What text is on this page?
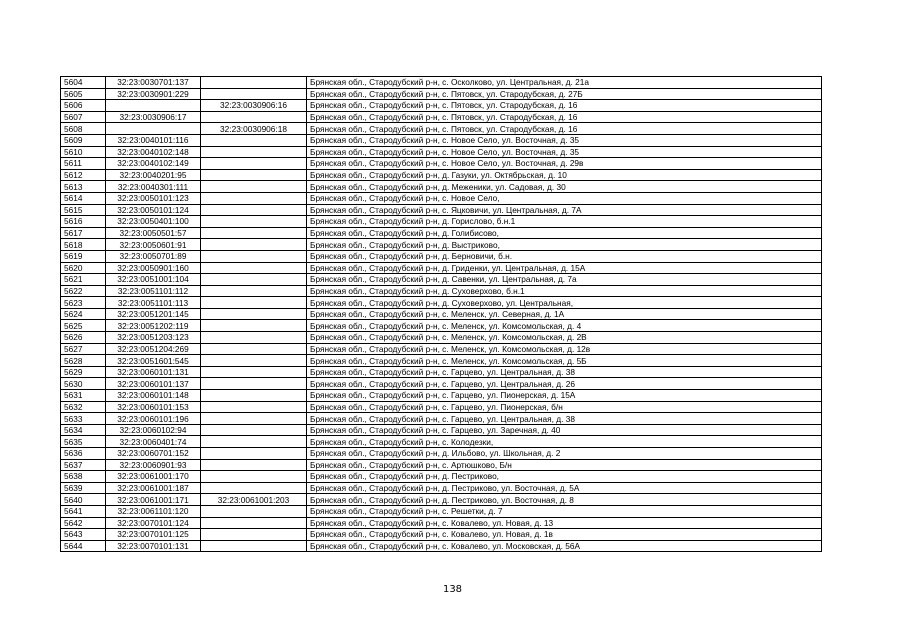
5604	32:23:0030701:137		Брянская обл., Стародубский р-н, с. Осколково, ул. Центральная, д. 21а
5605	32:23:0030901:229		Брянская обл., Стародубский р-н, с. Пятовск, ул. Стародубская, д. 27Б
5606		32:23:0030906:16	Брянская обл., Стародубский р-н, с. Пятовск, ул. Стародубская, д. 16
5607	32:23:0030906:17		Брянская обл., Стародубский р-н, с. Пятовск, ул. Стародубская, д. 16
5608		32:23:0030906:18	Брянская обл., Стародубский р-н, с. Пятовск, ул. Стародубская, д. 16
5609	32:23:0040101:116		Брянская обл., Стародубский р-н, с. Новое Село, ул. Восточная, д. 35
5610	32:23:0040102:148		Брянская обл., Стародубский р-н, с. Новое Село, ул. Восточная, д. 35
5611	32:23:0040102:149		Брянская обл., Стародубский р-н, с. Новое Село, ул. Восточная, д. 29в
5612	32:23:0040201:95		Брянская обл., Стародубский р-н, д. Газуки, ул. Октябрьская, д. 10
5613	32:23:0040301:111		Брянская обл., Стародубский р-н, д. Меженики, ул. Садовая, д. 30
5614	32:23:0050101:123		Брянская обл., Стародубский р-н, с. Новое Село,
5615	32:23:0050101:124		Брянская обл., Стародубский р-н, с. Яцковичи, ул. Центральная, д. 7А
5616	32:23:0050401:100		Брянская обл., Стародубский р-н, д. Горислово, б.н.1
5617	32:23:0050501:57		Брянская обл., Стародубский р-н, д. Голибисово,
5618	32:23:0050601:91		Брянская обл., Стародубский р-н, д. Выстриково,
5619	32:23:0050701:89		Брянская обл., Стародубский р-н, д. Берновичи, б.н.
5620	32:23:0050901:160		Брянская обл., Стародубский р-н, д. Гриденки, ул. Центральная, д. 15А
5621	32:23:0051001:104		Брянская обл., Стародубский р-н, д. Савенки, ул. Центральная, д. 7а
5622	32:23:0051101:112		Брянская обл., Стародубский р-н, д. Суховерхово, б.н.1
5623	32:23:0051101:113		Брянская обл., Стародубский р-н, д. Суховерхово, ул. Центральная,
5624	32:23:0051201:145		Брянская обл., Стародубский р-н, с. Меленск, ул. Северная, д. 1А
5625	32:23:0051202:119		Брянская обл., Стародубский р-н, с. Меленск, ул. Комсомольская, д. 4
5626	32:23:0051203:123		Брянская обл., Стародубский р-н, с. Меленск, ул. Комсомольская, д. 2В
5627	32:23:0051204:269		Брянская обл., Стародубский р-н, с. Меленск, ул. Комсомольская, д. 12в
5628	32:23:0051601:545		Брянская обл., Стародубский р-н, с. Меленск, ул. Комсомольская, д. 5Б
5629	32:23:0060101:131		Брянская обл., Стародубский р-н, с. Гарцево, ул. Центральная, д. 38
5630	32:23:0060101:137		Брянская обл., Стародубский р-н, с. Гарцево, ул. Центральная, д. 26
5631	32:23:0060101:148		Брянская обл., Стародубский р-н, с. Гарцево, ул. Пионерская, д. 15А
5632	32:23:0060101:153		Брянская обл., Стародубский р-н, с. Гарцево, ул. Пионерская, б/н
5633	32:23:0060101:196		Брянская обл., Стародубский р-н, с. Гарцево, ул. Центральная, д. 38
5634	32:23:0060102:94		Брянская обл., Стародубский р-н, с. Гарцево, ул. Заречная, д. 40
5635	32:23:0060401:74		Брянская обл., Стародубский р-н, с. Колодезки,
5636	32:23:0060701:152		Брянская обл., Стародубский р-н, д. Ильбово, ул. Школьная, д. 2
5637	32:23:0060901:93		Брянская обл., Стародубский р-н, с. Артюшково, Б/н
5638	32:23:0061001:170		Брянская обл., Стародубский р-н, д. Пестриково,
5639	32:23:0061001:187		Брянская обл., Стародубский р-н, д. Пестриково, ул. Восточная, д. 5А
5640	32:23:0061001:171	32:23:0061001:203	Брянская обл., Стародубский р-н, д. Пестриково, ул. Восточная, д. 8
5641	32:23:0061101:120		Брянская обл., Стародубский р-н, с. Решетки, д. 7
5642	32:23:0070101:124		Брянская обл., Стародубский р-н, с. Ковалево, ул. Новая, д. 13
5643	32:23:0070101:125		Брянская обл., Стародубский р-н, с. Ковалево, ул. Новая, д. 1в
5644	32:23:0070101:131		Брянская обл., Стародубский р-н, с. Ковалево, ул. Московская, д. 56А
138
